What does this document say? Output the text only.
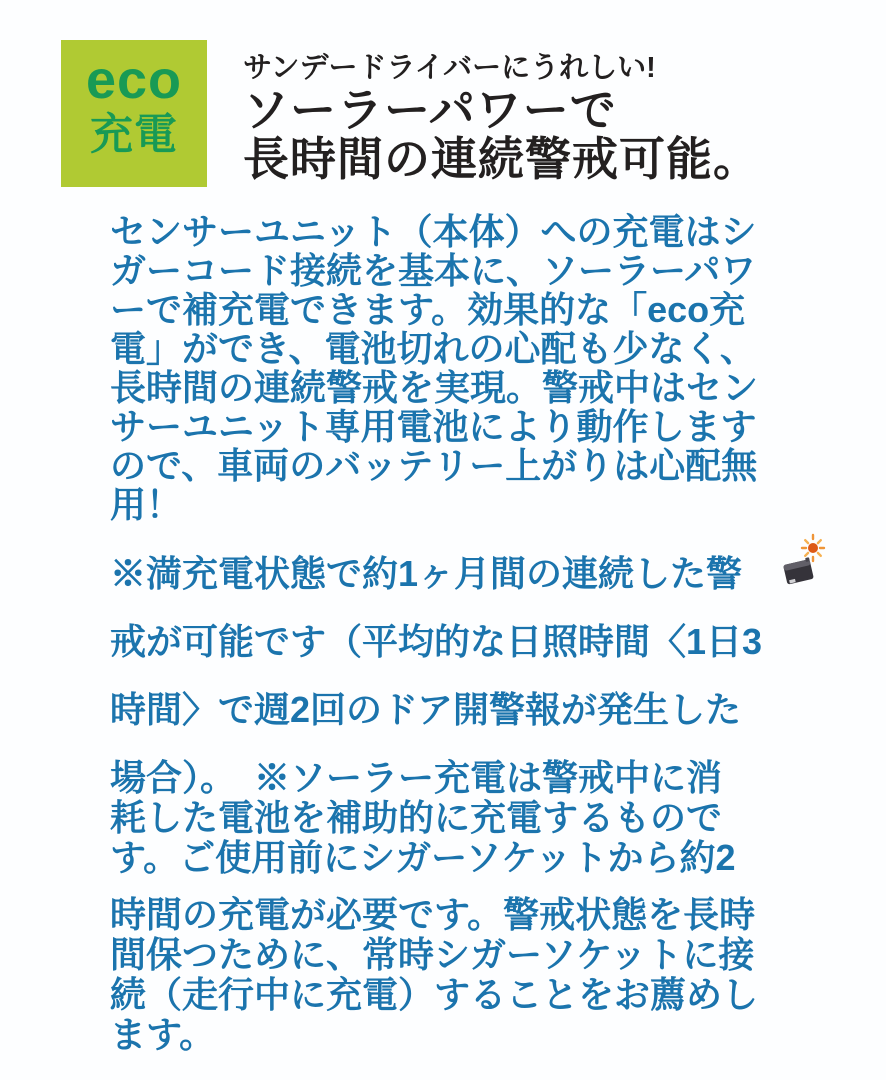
eco
充電
サンデードライバーにうれしい!
ソーラーパワーで
長時間の連続警戒可能。
センサーユニット（本体）への充電はシ
ガーコード接続を基本に、ソーラーパワ
ーで補充電できます。効果的な「eco充
電」ができ、電池切れの心配も少なく、
長時間の連続警戒を実現。警戒中はセン
サーユニット専用電池により動作します
ので、車両のバッテリー上がりは心配無
用！
※満充電状態で約1ヶ月間の連続した警
戒が可能です（平均的な日照時間〈1日3
時間〉で週2回のドア開警報が発生した
場合）。　※ソーラー充電は警戒中に消
耗した電池を補助的に充電するもので
す。ご使用前にシガーソケットから約2
時間の充電が必要です。警戒状態を長時
間保つために、常時シガーソケットに接
続（走行中に充電）することをお薦めし
ます。
